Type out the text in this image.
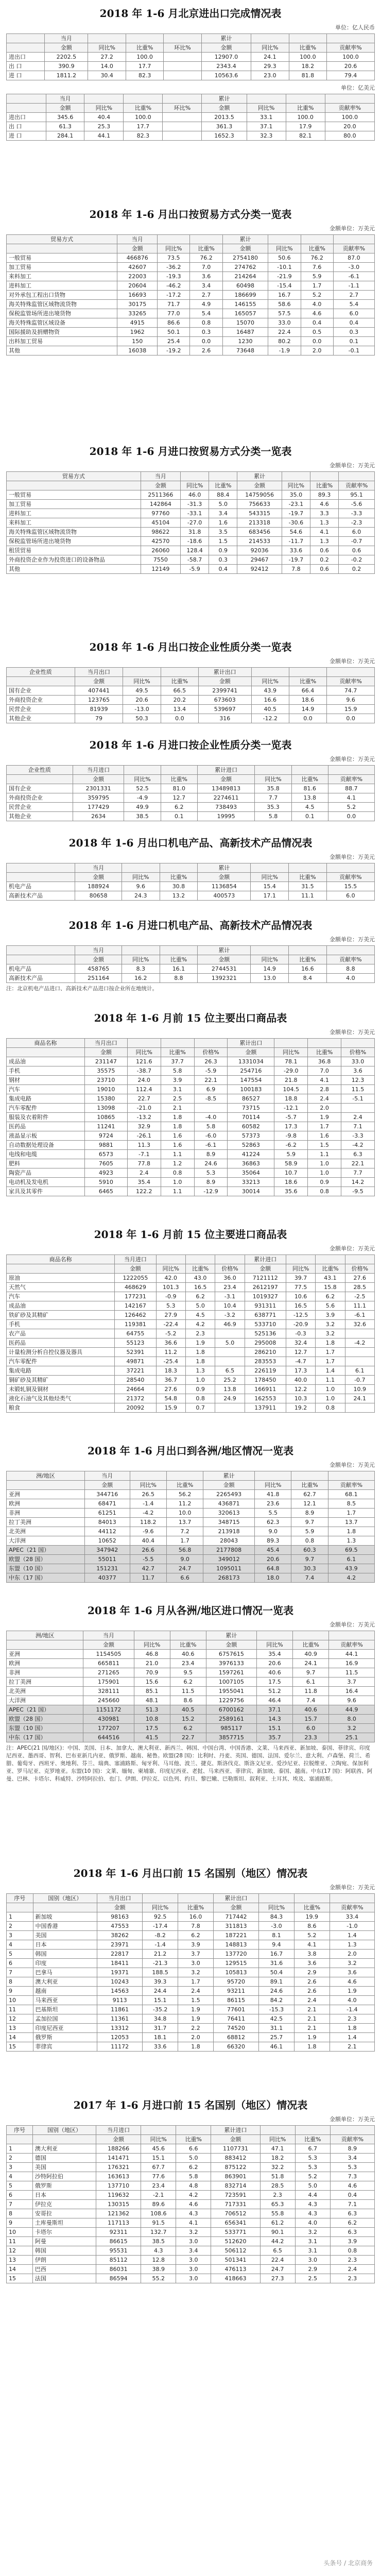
2018 年 1-6 月北京进出口完成情况表
单位：亿人民币
	当月				累计			
	金额	同比%	比重%	环比%	金额	同比%	比重%	贡献率%
进出口	2202.5	27.2	100.0		12907.0	24.1	100.0	100.0
出 口	390.9	14.0	17.7		2343.4	29.3	18.2	20.6
进 口	1811.2	30.4	82.3		10563.6	23.0	81.8	79.4
单位：亿美元
	当月				累计			
	金额	同比%	比重%	环比%	金额	同比%	比重%	贡献率%
进出口	345.6	40.4	100.0		2013.5	33.1	100.0	100.0
出 口	61.3	25.3	17.7		361.3	37.1	17.9	20.0
进 口	284.1	44.1	82.3		1652.3	32.3	82.1	80.0
2018 年 1-6 月出口按贸易方式分类一览表
金额单位：万美元
贸易方式	当月			累计			
	金额	同比%	比重%	金额	同比%	比重%	贡献率%
一般贸易	466876	73.5	76.2	2754180	50.6	76.2	87.0
加工贸易	42607	-36.2	7.0	274762	-10.1	7.6	-3.0
来料加工	22003	-19.3	3.6	214264	-21.9	5.9	-6.1
进料加工	20604	-46.2	3.4	60498	-15.4	1.7	-1.1
对外承包工程出口货物	16693	-17.2	2.7	186699	16.7	5.2	2.7
海关特殊监管区域物流货物	30175	71.7	4.9	146155	58.6	4.0	5.4
保税监管场所进出境货物	33265	77.0	5.4	165057	57.5	4.6	6.0
海关特殊监管区域设备	4915	86.6	0.8	15070	33.0	0.4	0.4
国际援助及捐赠物资	1962	50.1	0.3	16487	22.4	0.5	0.3
出料加工贸易	150	25.4	0.0	1230	80.2	0.0	0.1
其他	16038	-19.2	2.6	73648	-1.9	2.0	-0.1
2018 年 1-6 月进口按贸易方式分类一览表
金额单位：万美元
贸易方式	当月			累计			
	金额	同比%	比重%	金额	同比%	比重%	贡献率%
一般贸易	2511366	46.0	88.4	14759056	35.0	89.3	95.1
加工贸易	142864	-31.3	5.0	756633	-23.1	4.6	-5.6
进料加工	97760	-33.1	3.4	543315	-19.7	3.3	-3.3
来料加工	45104	-27.0	1.6	213318	-30.6	1.3	-2.3
海关特殊监管区域物流货物	98622	31.8	3.5	683456	54.6	4.1	6.0
保税监管场所进出境货物	42570	-18.6	1.5	214533	-11.7	1.3	-0.7
租赁贸易	26060	128.4	0.9	92036	33.6	0.6	0.6
外商投资企业作为投资进口的设备物品	7550	-58.7	0.3	29467	-19.7	0.2	-0.2
其他	12149	-5.9	0.4	92412	7.8	0.6	0.2
2018 年 1-6 月出口按企业性质分类一览表
金额单位：万美元
企业性质	当月出口			累计出口			
	金额	同比%	比重%	金额	同比%	比重%	贡献率%
国有企业	407441	49.5	66.5	2399741	43.9	66.4	74.7
外商投资企业	123765	20.6	20.2	673603	16.6	18.6	9.6
民营企业	81939	-13.0	13.4	539697	40.5	14.9	15.9
其他企业	79	50.3	0.0	316	-12.2	0.0	0.0
2018 年 1-6 月进口按企业性质分类一览表
金额单位：万美元
企业性质	当月进口			累计进口			
	金额	同比%	比重%	金额	同比%	比重%	贡献率%
国有企业	2301331	52.5	81.0	13489813	35.8	81.6	88.7
外商投资企业	359795	-4.9	12.7	2274611	7.7	13.8	4.1
民营企业	177429	49.9	6.2	738493	35.3	4.5	5.2
其他企业	2634	38.5	0.1	19995	5.8	0.1	0.0
2018 年 1-6 月出口机电产品、高新技术产品情况表
金额单位：万美元
	当月			累计			
	金额	同比%	比重%	金额	同比%	比重%	贡献率%
机电产品	188924	9.6	30.8	1136854	15.4	31.5	15.5
高新技术产品	80658	24.3	13.2	400573	17.1	11.1	6.0
2018 年 1-6 月进口机电产品、高新技术产品情况表
金额单位：万美元
	当月			累计			
	金额	同比%	比重%	金额	同比%	比重%	贡献率%
机电产品	458765	8.3	16.1	2744531	14.9	16.6	8.8
高新技术产品	251164	16.2	8.8	1392321	13.0	8.4	4.0
注：北京机电产品进口、高新技术产品进口按企业所在地统计。
2018 年 1-6 月前 15 位主要出口商品表
金额单位：万美元
商品名称	当月出口				累计出口			
	金额	同比%	比重%	价格%	金额	同比%	比重%	价格%
成品油	231147	121.6	37.7	26.3	1331034	78.1	36.8	33.0
手机	35575	-38.7	5.8	-5.9	254716	-29.0	7.0	3.6
钢材	23710	24.0	3.9	22.1	147554	21.8	4.1	12.3
汽车	19010	112.4	3.1	6.9	100183	104.5	2.8	11.5
集成电路	15380	22.7	2.5	-8.5	86527	18.8	2.4	-5.1
汽车零配件	13098	-21.0	2.1		73715	-12.1	2.0	
服装及衣着附件	10865	-13.2	1.8	-4.0	70114	-5.7	1.9	2.4
医药品	11241	32.9	1.8	5.8	60582	17.3	1.7	7.1
液晶显示板	9724	-26.1	1.6	-6.0	57373	-9.8	1.6	-3.3
自动数据处理设备	9881	11.3	1.6	-6.1	52863	-6.2	1.5	-4.2
电线和电缆	6573	-7.1	1.1	8.9	41224	5.9	1.1	6.3
肥料	7605	77.8	1.2	24.6	36863	58.9	1.0	22.1
陶瓷产品	4923	2.4	0.8	5.3	35064	10.7	1.0	7.7
电动机及发电机	5910	35.4	1.0	8.9	33213	18.6	0.9	14.2
家具及其零件	6465	122.2	1.1	-12.9	30014	35.6	0.8	-9.5
2018 年 1-6 月前 15 位主要进口商品表
金额单位：万美元
商品名称	当月进口				累计进口			
	金额	同比%	比重%	价格%	金额	同比%	比重%	价格%
原油	1222055	42.0	43.0	36.0	7121112	39.7	43.1	27.6
天然气	468629	101.3	16.5	23.4	2612197	77.5	15.8	28.5
汽车	177231	-0.9	6.2	-3.1	1019327	10.6	6.2	-2.5
成品油	142167	5.3	5.0	10.4	931311	16.5	5.6	11.1
铁矿砂及其精矿	126462	27.9	4.5	-3.2	638771	-12.5	3.9	-6.1
手机	119381	-22.4	4.2	46.9	533710	-20.9	3.2	32.6
农产品	64755	-5.2	2.3		525136	-0.3	3.2	
医药品	55123	36.6	1.9	5.0	295008	32.4	1.8	-4.2
计量检测分析自控仪器及器具	52391	11.2	1.8		286210	12.7	1.7	
汽车零配件	49871	-25.4	1.8		283553	-4.7	1.7	
集成电路	37221	18.3	1.3	6.5	226119	17.3	1.4	6.1
铜矿砂及其精矿	28540	36.7	1.0	25.2	178450	40.0	1.1	-0.7
未锻轧铜及铜材	24664	27.6	0.9	13.8	166911	12.2	1.0	10.9
液化石油气及其他烃类气	21372	54.8	0.8	24.9	162553	10.3	1.0	24.1
粮食	20092	15.9	0.7		137911	19.2	0.8	
2018 年 1-6 月出口到各洲/地区情况一览表
金额单位：万美元
洲/地区	当月			累计			
	金额	同比%	比重%	金额	同比%	比重%	贡献率%
亚洲	344716	26.5	56.2	2265493	41.8	62.7	68.1
欧洲	68471	-1.4	11.2	436871	23.6	12.1	8.5
非洲	61251	-4.2	10.0	320613	5.5	8.9	1.7
拉丁美洲	84013	118.2	13.7	348715	62.3	9.7	13.7
北美洲	44112	-9.6	7.2	213918	9.0	5.9	1.8
大洋洲	10652	40.4	1.7	28043	89.3	0.8	1.3
APEC（21 国）	347942	26.6	56.8	2177808	45.4	60.3	69.5
欧盟（28 国）	55011	-5.5	9.0	349012	20.6	9.7	6.1
东盟（10 国）	151231	42.7	24.7	1095011	64.8	30.3	43.9
中东（17 国）	40377	11.7	6.6	268173	18.0	7.4	4.2
2018 年 1-6 月从各洲/地区进口情况一览表
金额单位：万美元
洲/地区	当月			累计			
	金额	同比%	比重%	金额	同比%	比重%	贡献率%
亚洲	1154505	46.8	40.6	6757615	35.4	40.9	44.1
欧洲	665811	21.0	23.4	3976133	20.6	24.1	16.9
非洲	271265	70.9	9.5	1597261	40.6	9.7	11.5
拉丁美洲	175901	15.6	6.2	1007105	17.5	6.1	3.7
北美洲	328111	85.1	11.5	1955041	51.2	11.8	16.4
大洋洲	245660	48.1	8.6	1229756	46.4	7.4	9.6
APEC（21 国）	1151172	51.3	40.5	6700162	37.1	40.6	44.9
欧盟（28 国）	430981	10.8	15.2	2589161	14.3	15.7	8.0
东盟（10 国）	177207	17.5	6.2	985117	15.1	6.0	3.2
中东（17 国）	644516	41.5	22.7	3857715	35.7	23.3	25.1
注：APEC(21 国/地区)：中国、美国、日本、加拿大、澳大利亚、新西兰、韩国、中国台湾、中国香港、文莱、马来西亚、新加坡、泰国、菲律宾、印度尼西亚、墨西哥、智利、巴布亚新几内亚、俄罗斯、越南、秘鲁。欧盟(28 国)：比利时、丹麦、英国、德国、法国、爱尔兰、意大利、卢森堡、荷兰、希腊、葡萄牙、西班牙、奥地利、芬兰、瑞典、塞浦路斯、匈牙利、马耳他、波兰、捷克、斯洛伐克、斯洛文尼亚、爱沙尼亚、拉脱维亚、立陶宛、保加利亚、罗马尼亚、克罗地亚。东盟(10 国)：文莱、缅甸、柬埔寨、印度尼西亚、老挝、马来西亚、菲律宾、新加坡、泰国、越南。中东(17 国)：阿联酋、阿曼、巴林、卡塔尔、科威特、沙特阿拉伯、也门、伊朗、伊拉克、以色列、约旦、黎巴嫩、巴勒斯坦、叙利亚、土耳其、埃及、塞浦路斯。
2018 年 1-6 月出口前 15 名国别（地区）情况表
金额单位：万美元
序号	国别（地区）	当月出口			累计出口			
		金额	同比%	比重%	金额	同比%	比重%	贡献率%
1	新加坡	98163	92.5	16.0	717442	84.3	19.9	33.4
2	中国香港	47553	-17.4	7.8	311813	-3.0	8.6	-1.0
3	美国	38262	-8.2	6.2	187221	8.1	5.2	1.4
4	日本	23971	-1.4	3.9	148813	9.4	4.1	1.3
5	韩国	22817	21.2	3.7	137720	16.7	3.8	2.0
6	印度	18411	-21.3	3.0	129515	31.6	3.6	3.2
7	巴拿马	19371	188.5	3.2	105813	50.4	2.9	3.6
8	澳大利亚	10243	39.3	1.7	95720	89.1	2.6	4.6
9	越南	14563	24.4	2.4	93211	24.6	2.6	1.9
10	马来西亚	9113	15.1	1.5	86115	84.2	2.4	4.0
11	巴基斯坦	11861	-35.2	1.9	77601	-15.3	2.1	-1.4
12	孟加拉国	11361	34.8	1.9	76411	42.5	2.1	2.3
13	印度尼西亚	13312	31.7	2.2	74520	31.1	2.1	1.8
14	俄罗斯	12053	18.1	2.0	68812	25.7	1.9	1.4
15	菲律宾	11172	33.6	1.8	66320	46.1	1.8	2.1
2017 年 1-6 月进口前 15 名国别（地区）情况表
金额单位：万美元
序号	国别（地区）	当月进口			累计进口			
		金额	同比%	比重%	金额	同比%	比重%	贡献率%
1	澳大利亚	188266	45.6	6.6	1107731	47.1	6.7	8.9
2	德国	141471	15.1	5.0	883412	18.2	5.3	3.4
3	美国	176321	67.7	6.2	875122	32.2	5.3	5.3
4	沙特阿拉伯	163613	77.6	5.8	863901	51.8	5.2	7.3
5	俄罗斯	137710	23.4	4.8	832714	28.5	5.0	4.6
6	日本	119632	-2.1	4.2	723591	2.3	4.4	0.4
7	伊拉克	130315	89.6	4.6	717331	65.3	4.3	7.1
8	安哥拉	121362	108.6	4.3	706512	55.8	4.3	6.3
9	土库曼斯坦	117113	91.5	4.1	656341	61.2	4.0	6.2
10	卡塔尔	92311	132.7	3.2	533771	90.1	3.2	6.3
11	阿曼	86615	38.5	3.0	512620	44.2	3.1	3.9
12	韩国	95531	4.3	3.4	506112	6.5	3.1	0.8
13	伊朗	85112	12.8	3.0	501341	22.4	3.0	2.3
14	巴西	86031	38.9	3.0	476113	24.7	2.9	2.4
15	法国	86594	55.2	3.0	418663	27.3	2.5	2.3
头条号 / 北京商务
